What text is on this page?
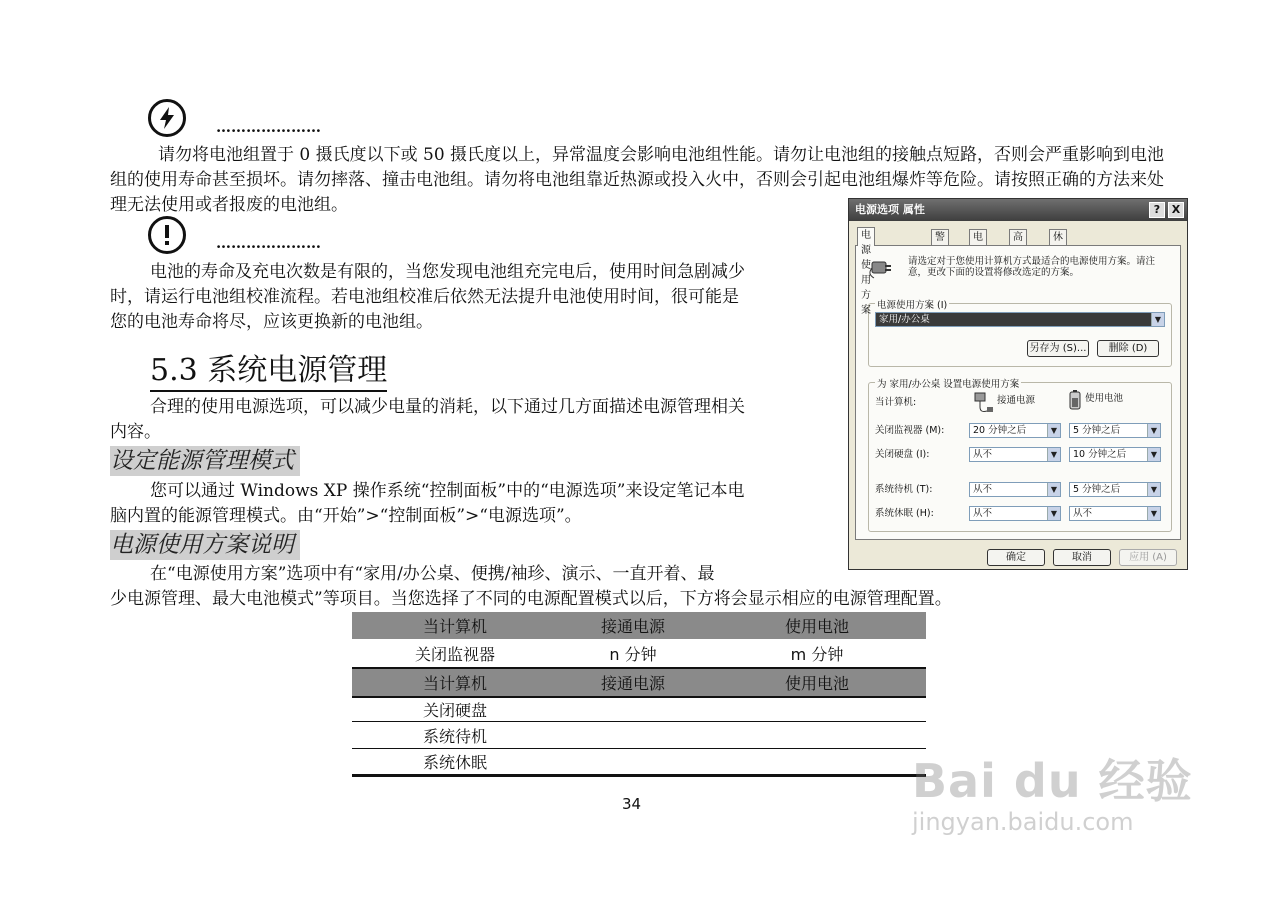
…………………
请勿将电池组置于 0 摄氏度以下或 50 摄氏度以上，异常温度会影响电池组性能。请勿让电池组的接触点短路，否则会严重影响到电池组的使用寿命甚至损坏。请勿摔落、撞击电池组。请勿将电池组靠近热源或投入火中，否则会引起电池组爆炸等危险。请按照正确的方法来处理无法使用或者报废的电池组。
…………………
电池的寿命及充电次数是有限的，当您发现电池组充完电后，使用时间急剧减少
时，请运行电池组校准流程。若电池组校准后依然无法提升电池使用时间，很可能是
您的电池寿命将尽，应该更换新的电池组。
5.3 系统电源管理
合理的使用电源选项，可以减少电量的消耗，以下通过几方面描述电源管理相关
内容。
设定能源管理模式
您可以通过 Windows XP 操作系统“控制面板”中的“电源选项”来设定笔记本电
脑内置的能源管理模式。由“开始”>“控制面板”>“电源选项”。
电源使用方案说明
在“电源使用方案”选项中有“家用/办公桌、便携/袖珍、演示、一直开着、最
少电源管理、最大电池模式”等项目。当您选择了不同的电源配置模式以后，下方将会显示相应的电源管理配置。
当计算机	接通电源	使用电池
关闭监视器	n 分钟	m 分钟
当计算机	接通电源	使用电池
关闭硬盘
系统待机
系统休眠
34
电源选项 属性	?	X
电源使用方案
警	电	高	休
请选定对于您使用计算机方式最适合的电源使用方案。请注意，更改下面的设置将修改选定的方案。
电源使用方案 (I)
家用/办公桌	▼
另存为 (S)...	删除 (D)
为 家用/办公桌 设置电源使用方案
当计算机:	接通电源	使用电池
关闭监视器 (M):	20 分钟之后	▼	5 分钟之后	▼
关闭硬盘 (I):	从不	▼	10 分钟之后	▼
系统待机 (T):	从不	▼	5 分钟之后	▼
系统休眠 (H):	从不	▼	从不	▼
确定	取消	应用 (A)
Bai du 经验
jingyan.baidu.com
